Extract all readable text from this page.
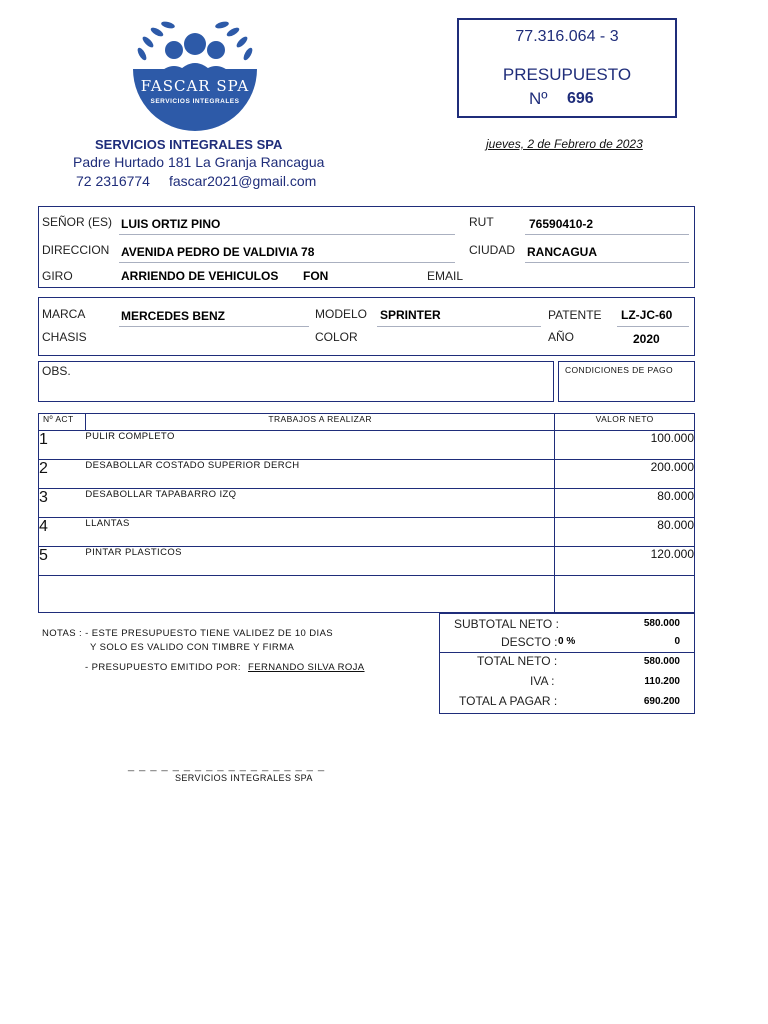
FASCAR SPA
SERVICIOS INTEGRALES
SERVICIOS INTEGRALES SPA
Padre Hurtado 181 La Granja Rancagua
72 2316774 fascar2021@gmail.com
77.316.064 - 3
PRESUPUESTO
Nº 696
jueves, 2 de Febrero de 2023
SEÑOR (ES) LUIS ORTIZ PINO	RUT	76590410-2
DIRECCION AVENIDA PEDRO DE VALDIVIA 78	CIUDAD RANCAGUA
GIRO	ARRIENDO DE VEHICULOS FON	EMAIL
MARCA	MERCEDES BENZ	MODELO SPRINTER	PATENTE LZ-JC-60
CHASIS	COLOR	AÑO	2020
OBS.	CONDICIONES DE PAGO
Nº ACT	TRABAJOS A REALIZAR	VALOR NETO
1	PULIR COMPLETO	100.000
2	DESABOLLAR COSTADO SUPERIOR DERCH	200.000
3	DESABOLLAR TAPABARRO IZQ	80.000
4	LLANTAS	80.000
5	PINTAR PLASTICOS	120.000

NOTAS : - ESTE PRESUPUESTO TIENE VALIDEZ DE 10 DIAS
Y SOLO ES VALIDO CON TIMBRE Y FIRMA
- PRESUPUESTO EMITIDO POR: FERNANDO SILVA ROJA
SUBTOTAL NETO :	580.000
DESCTO : 0 %	0
TOTAL NETO :	580.000
IVA :	110.200
TOTAL A PAGAR :	690.200
_ _ _ _ _ _ _ _ _ _ _ _ _ _ _ _ _ _
SERVICIOS INTEGRALES SPA
